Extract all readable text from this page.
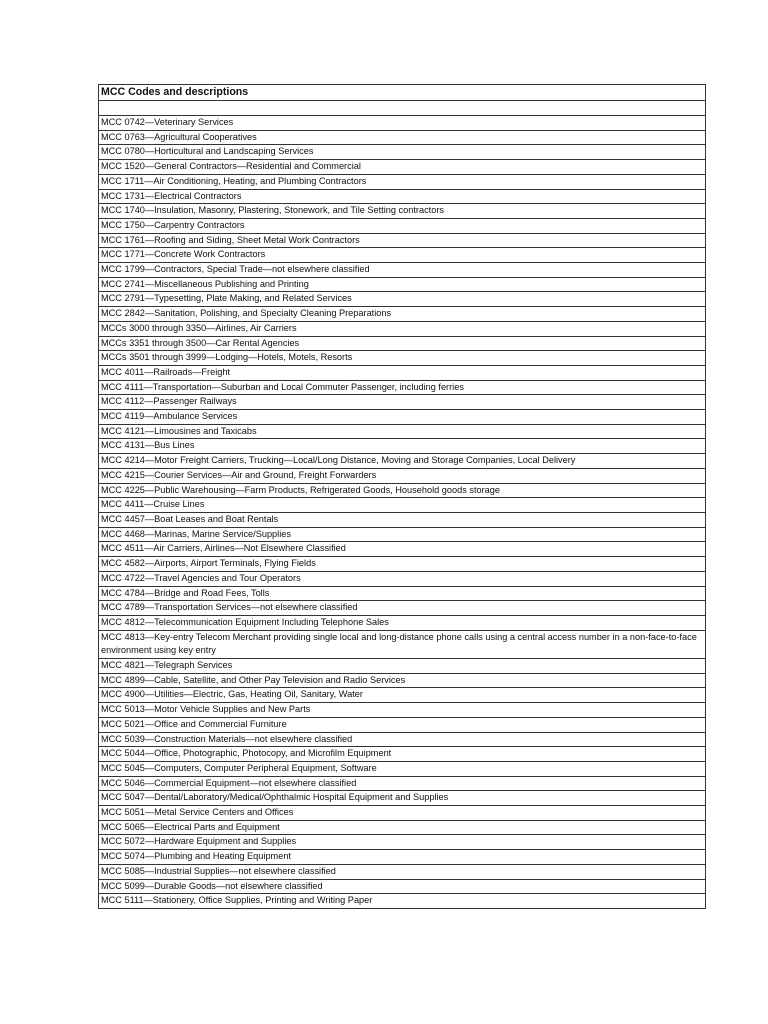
MCC Codes and descriptions

MCC 0742—Veterinary Services
MCC 0763—Agricultural Cooperatives
MCC 0780—Horticultural and Landscaping Services
MCC 1520—General Contractors—Residential and Commercial
MCC 1711—Air Conditioning, Heating, and Plumbing Contractors
MCC 1731—Electrical Contractors
MCC 1740—Insulation, Masonry, Plastering, Stonework, and Tile Setting contractors
MCC 1750—Carpentry Contractors
MCC 1761—Roofing and Siding, Sheet Metal Work Contractors
MCC 1771—Concrete Work Contractors
MCC 1799—Contractors, Special Trade—not elsewhere classified
MCC 2741—Miscellaneous Publishing and Printing
MCC 2791—Typesetting, Plate Making, and Related Services
MCC 2842—Sanitation, Polishing, and Specialty Cleaning Preparations
MCCs 3000 through 3350—Airlines, Air Carriers
MCCs 3351 through 3500—Car Rental Agencies
MCCs 3501 through 3999—Lodging—Hotels, Motels, Resorts
MCC 4011—Railroads—Freight
MCC 4111—Transportation—Suburban and Local Commuter Passenger, including ferries
MCC 4112—Passenger Railways
MCC 4119—Ambulance Services
MCC 4121—Limousines and Taxicabs
MCC 4131—Bus Lines
MCC 4214—Motor Freight Carriers, Trucking—Local/Long Distance, Moving and Storage Companies, Local Delivery
MCC 4215—Courier Services—Air and Ground, Freight Forwarders
MCC 4225—Public Warehousing—Farm Products, Refrigerated Goods, Household goods storage
MCC 4411—Cruise Lines
MCC 4457—Boat Leases and Boat Rentals
MCC 4468—Marinas, Marine Service/Supplies
MCC 4511—Air Carriers, Airlines—Not Elsewhere Classified
MCC 4582—Airports, Airport Terminals, Flying Fields
MCC 4722—Travel Agencies and Tour Operators
MCC 4784—Bridge and Road Fees, Tolls
MCC 4789—Transportation Services—not elsewhere classified
MCC 4812—Telecommunication Equipment Including Telephone Sales
MCC 4813—Key-entry Telecom Merchant providing single local and long-distance phone calls using a central access number in a non-face-to-face environment using key entry
MCC 4821—Telegraph Services
MCC 4899—Cable, Satellite, and Other Pay Television and Radio Services
MCC 4900—Utilities—Electric, Gas, Heating Oil, Sanitary, Water
MCC 5013—Motor Vehicle Supplies and New Parts
MCC 5021—Office and Commercial Furniture
MCC 5039—Construction Materials—not elsewhere classified
MCC 5044—Office, Photographic, Photocopy, and Microfilm Equipment
MCC 5045—Computers, Computer Peripheral Equipment, Software
MCC 5046—Commercial Equipment—not elsewhere classified
MCC 5047—Dental/Laboratory/Medical/Ophthalmic Hospital Equipment and Supplies
MCC 5051—Metal Service Centers and Offices
MCC 5065—Electrical Parts and Equipment
MCC 5072—Hardware Equipment and Supplies
MCC 5074—Plumbing and Heating Equipment
MCC 5085—Industrial Supplies—not elsewhere classified
MCC 5099—Durable Goods—not elsewhere classified
MCC 5111—Stationery, Office Supplies, Printing and Writing Paper
